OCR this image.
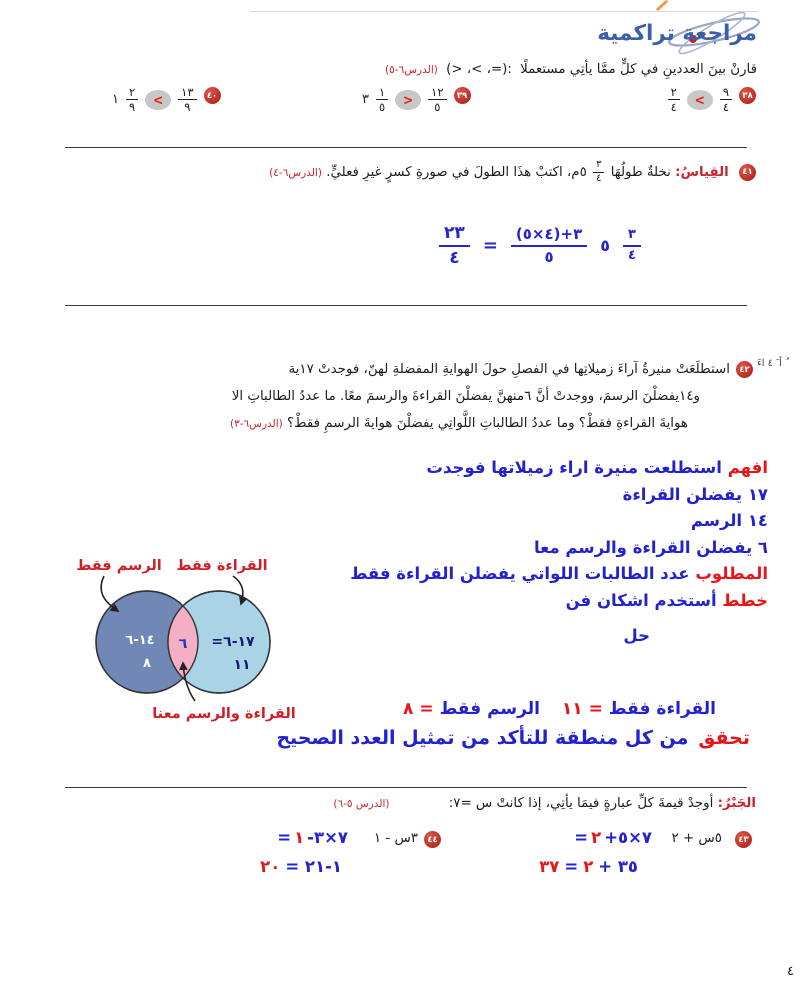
مراجعة تراكمية
قارنْ بينَ العددينِ في كلٍّ ممَّا يأتِي مستعملًا (> ،< ،=): (الدرس٦-٥)
$\frac{٢}{٤} < \frac{٩}{٤}$	٣٨
٣ $\frac{١}{٥} > \frac{١٢}{٥}$	٣٩
١ $\frac{٢}{٩} < \frac{١٣}{٩}$	٤٠
٤١ القِياسُ: نخلةٌ طولُهَا
$\frac{٣}{٤}$
٥م، اكتبْ هذَا الطولَ في صورةِ كسرٍ غيرِ فعليٍّ. (الدرس٦-٤)
٢٣
٤
=
٣+(٤×٥)
٥
٥
٣
٤
٤٢
استطلَعَتْ منيرةُ آراءَ زميلاتِها في الفصلِ حولَ الهوايةِ المفضلةِ لهنّ، فوجدتْ ١٧ية	ُ أ َ ٤ اءَ
و١٤يفضلْنَ الرسمَ، ووجدتْ أنَّ ٦منهنَّ يفضلْنَ القراءةَ والرسمَ معًا. ما عددُ الطالباتِ الا
هوايةَ القراءةِ فقطْ؟ وما عددُ الطالباتِ اللَّواتِي يفضلْنَ هوايةَ الرسمِ فقطْ؟ (الدرس٦-٣)
افهم استطلعت منيرة اراء زميلاتها فوجدت
١٧ يفضلن القراءة
١٤ الرسم
٦ يفضلن القراءة والرسم معا
المطلوب عدد الطالبات اللواتي يفضلن القراءة فقط
خطط أستخدم اشكان فن
حل
الرسم فقط القراءة فقط
القراءة والرسم معنا
١٧-٦=
١١
٦
١٤-٦
٨
القراءة فقط
=
١١
الرسم فقط
=
٨
تحقق
من كل منطقة للتأكد من تمثيل العدد الصحيح
الجَبْرُ: أوجدْ قيمةَ كلِّ عبارةٍ فيمَا يأتِي، إذا كانتْ س =٧: (الدرس ٥-٦)
٤٣
٥س + ٢
= ٢ +٧×٥
٣٧ = ٢ + ٣٥
٤٤
٣س - ١
= ١ -٧×٣
٢٠ = ١-٢١
٤
